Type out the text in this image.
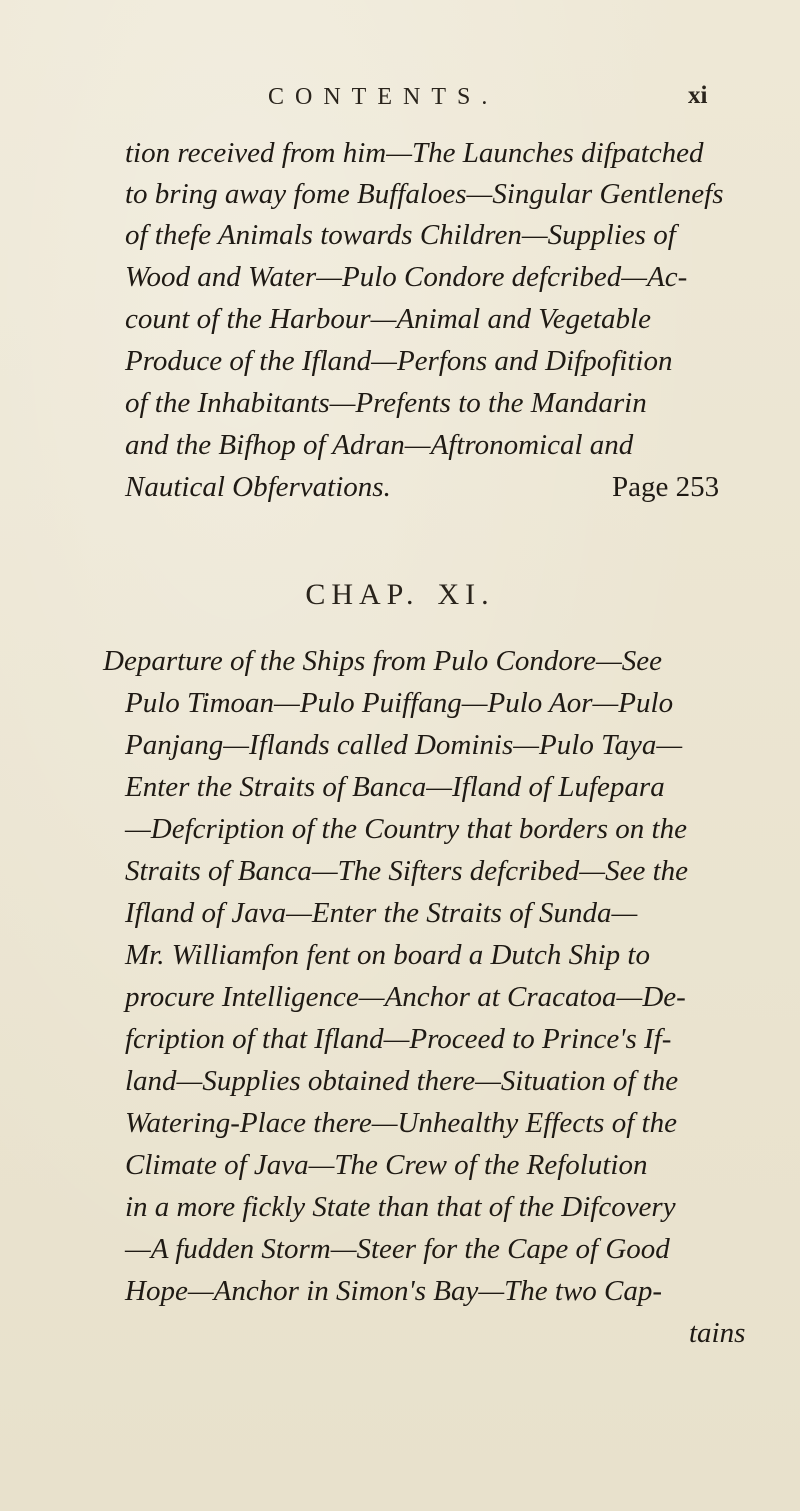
CONTENTS.	xi
tion received from him—The Launches difpatched
to bring away fome Buffaloes—Singular Gentlenefs
of thefe Animals towards Children—Supplies of
Wood and Water—Pulo Condore defcribed—Ac-
count of the Harbour—Animal and Vegetable
Produce of the Ifland—Perfons and Difpofition
of the Inhabitants—Prefents to the Mandarin
and the Bifhop of Adran—Aftronomical and
Nautical Obfervations.	Page 253
CHAP. XI.
Departure of the Ships from Pulo Condore—See
Pulo Timoan—Pulo Puiffang—Pulo Aor—Pulo
Panjang—Iflands called Dominis—Pulo Taya—
Enter the Straits of Banca—Ifland of Lufepara
—Defcription of the Country that borders on the
Straits of Banca—The Sifters defcribed—See the
Ifland of Java—Enter the Straits of Sunda—
Mr. Williamfon fent on board a Dutch Ship to
procure Intelligence—Anchor at Cracatoa—De-
fcription of that Ifland—Proceed to Prince's If-
land—Supplies obtained there—Situation of the
Watering-Place there—Unhealthy Effects of the
Climate of Java—The Crew of the Refolution
in a more fickly State than that of the Difcovery
—A fudden Storm—Steer for the Cape of Good
Hope—Anchor in Simon's Bay—The two Cap-
tains
